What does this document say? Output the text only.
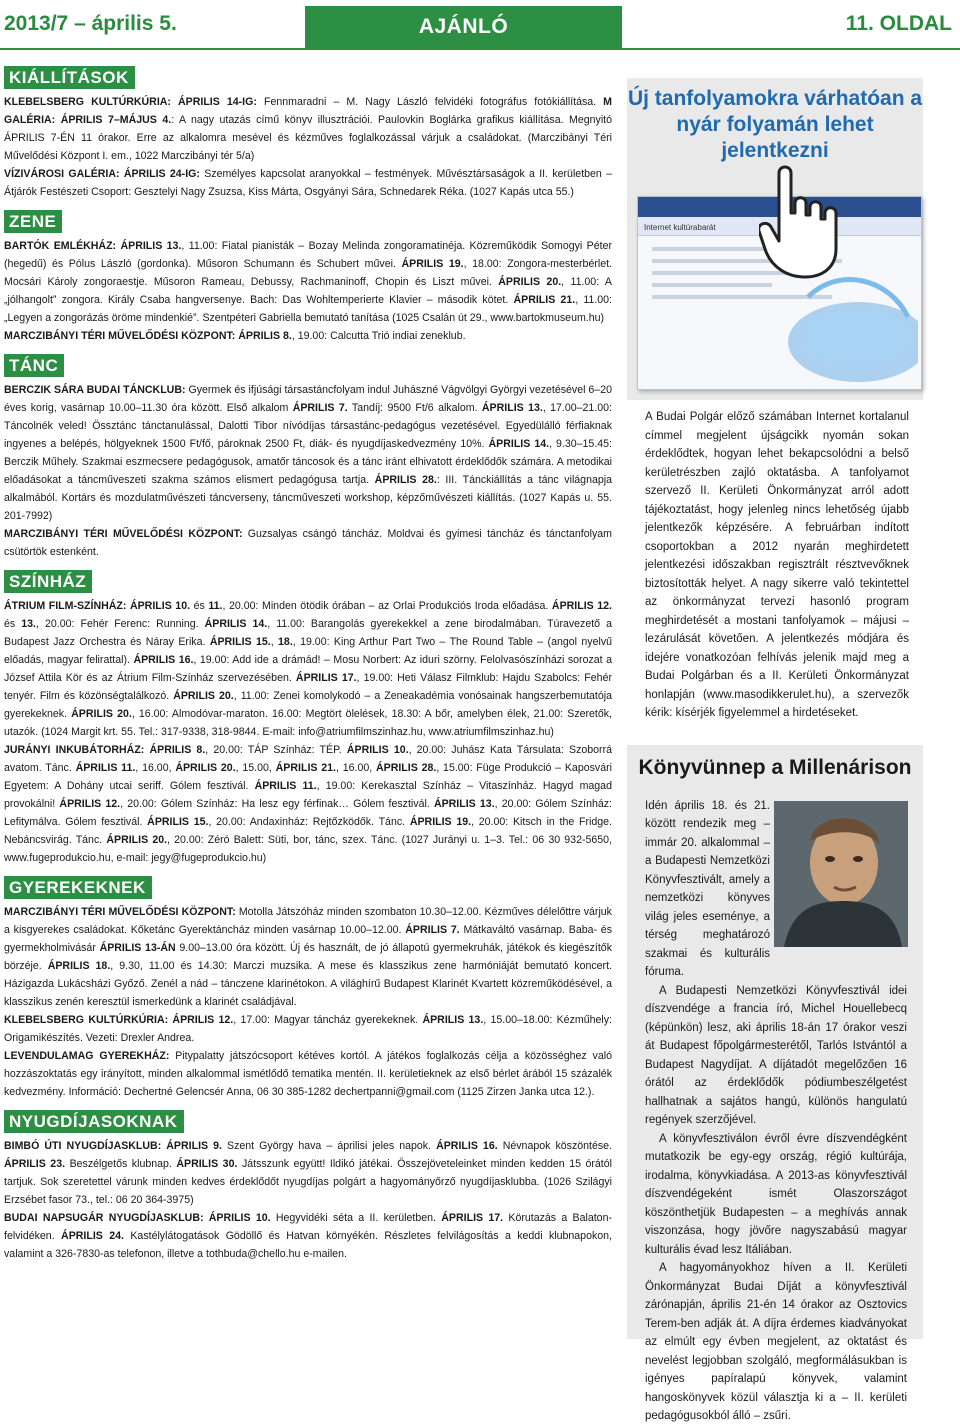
2013/7 – április 5.	AJÁNLÓ	11. OLDAL
KIÁLLÍTÁSOK

KLEBELSBERG KULTÚRKÚRIA: ÁPRILIS 14-IG: Fennmaradni – M. Nagy László felvidéki fotográfus fotókiállítása. M GALÉRIA: ÁPRILIS 7–MÁJUS 4.: A nagy utazás című könyv illusztrációi. Paulovkin Boglárka grafikus kiállítása. Megnyitó ÁPRILIS 7-ÉN 11 órakor. Erre az alkalomra mesével és kézműves foglalkozással várjuk a családokat. (Marczibányi Téri Művelődési Központ I. em., 1022 Marczibányi tér 5/a)
VÍZIVÁROSI GALÉRIA: ÁPRILIS 24-IG: Személyes kapcsolat aranyokkal – festmények. Művésztársaságok a II. kerületben – Átjárók Festészeti Csoport: Gesztelyi Nagy Zsuzsa, Kiss Márta, Osgyányi Sára, Schnedarek Réka. (1027 Kapás utca 55.)

ZENE

BARTÓK EMLÉKHÁZ: ÁPRILIS 13., 11.00: Fiatal pianisták – Bozay Melinda zongoramatinéja. Közreműködik Somogyi Péter (hegedű) és Pólus László (gordonka). Műsoron Schumann és Schubert művei. ÁPRILIS 19., 18.00: Zongora-mesterbérlet. Mocsári Károly zongoraestje. Műsoron Rameau, Debussy, Rachmaninoff, Chopin és Liszt művei. ÁPRILIS 20., 11.00: A „jólhangolt” zongora. Király Csaba hangversenye. Bach: Das Wohltemperierte Klavier – második kötet. ÁPRILIS 21., 11.00: „Legyen a zongorázás öröme mindenkié”. Szentpéteri Gabriella bemutató tanítása (1025 Csalán út 29., www.bartokmuseum.hu)
MARCZIBÁNYI TÉRI MŰVELŐDÉSI KÖZPONT: ÁPRILIS 8., 19.00: Calcutta Trió indiai zeneklub.

TÁNC

BERCZIK SÁRA BUDAI TÁNCKLUB: Gyermek és ifjúsági társastáncfolyam indul Juhászné Vágvölgyi Györgyi vezetésével 6–20 éves korig, vasárnap 10.00–11.30 óra között. Első alkalom ÁPRILIS 7. Tandíj: 9500 Ft/6 alkalom. ÁPRILIS 13., 17.00–21.00: Táncolnék veled! Össztánc tánctanulással, Dalotti Tibor nívódíjas társastánc-pedagógus vezetésével. Egyedülálló férfiaknak ingyenes a belépés, hölgyeknek 1500 Ft/fő, pároknak 2500 Ft, diák- és nyugdíjaskedvezmény 10%. ÁPRILIS 14., 9.30–15.45: Berczik Műhely. Szakmai eszmecsere pedagógusok, amatőr táncosok és a tánc iránt elhivatott érdeklődők számára. A metodikai előadásokat a táncműveszeti szakma számos elismert pedagógusa tartja. ÁPRILIS 28.: III. Tánckiállítás a tánc világnapja alkalmából. Kortárs és mozdulatművészeti táncverseny, táncműveszeti workshop, képzőművészeti kiállítás. (1027 Kapás u. 55. 201-7992)
MARCZIBÁNYI TÉRI MŰVELŐDÉSI KÖZPONT: Guzsalyas csángó táncház. Moldvai és gyimesi táncház és tánctanfolyam csütörtök estenként.

SZÍNHÁZ

ÁTRIUM FILM-SZÍNHÁZ: ÁPRILIS 10. és 11., 20.00: Minden ötödik órában – az Orlai Produkciós Iroda előadása. ÁPRILIS 12. és 13., 20.00: Fehér Ferenc: Running. ÁPRILIS 14., 11.00: Barangolás gyerekekkel a zene birodalmában. Túravezető a Budapest Jazz Orchestra és Náray Erika. ÁPRILIS 15., 18., 19.00: King Arthur Part Two – The Round Table – (angol nyelvű előadás, magyar felirattal). ÁPRILIS 16., 19.00: Add ide a drámád! – Mosu Norbert: Az iduri szörny. Felolvasószínházi sorozat a József Attila Kör és az Átrium Film-Színház szervezésében. ÁPRILIS 17., 19.00: Heti Válasz Filmklub: Hajdu Szabolcs: Fehér tenyér. Film és közönségtalálkozó. ÁPRILIS 20., 11.00: Zenei komolykodó – a Zeneakadémia vonósainak hangszerbemutatója gyerekeknek. ÁPRILIS 20., 16.00: Almodóvar-maraton. 16.00: Megtört ölelések, 18.30: A bőr, amelyben élek, 21.00: Szeretők, utazók. (1024 Margit krt. 55. Tel.: 317-9338, 318-9844. E-mail: info@atriumfilmszinhaz.hu, www.atriumfilmszinhaz.hu)
JURÁNYI INKUBÁTORHÁZ: ÁPRILIS 8., 20.00: TÁP Színház: TÉP. ÁPRILIS 10., 20.00: Juhász Kata Társulata: Szoborrá avatom. Tánc. ÁPRILIS 11., 16.00, ÁPRILIS 20., 15.00, ÁPRILIS 21., 16.00, ÁPRILIS 28., 15.00: Füge Produkció – Kaposvári Egyetem: A Dohány utcai seriff. Gólem fesztivál. ÁPRILIS 11., 19.00: Kerekasztal Színház – Vitaszínház. Hagyd magad provokálni! ÁPRILIS 12., 20.00: Gólem Színház: Ha lesz egy férfinak… Gólem fesztivál. ÁPRILIS 13., 20.00: Gólem Színház: Lefitymálva. Gólem fesztivál. ÁPRILIS 15., 20.00: Andaxinház: Rejtőzködők. Tánc. ÁPRILIS 19., 20.00: Kitsch in the Fridge. Nebáncsvirág. Tánc. ÁPRILIS 20., 20.00: Zéró Balett: Süti, bor, tánc, szex. Tánc. (1027 Jurányi u. 1–3. Tel.: 06 30 932-5650, www.fugeprodukcio.hu, e-mail: jegy@fugeprodukcio.hu)

GYEREKEKNEK

MARCZIBÁNYI TÉRI MŰVELŐDÉSI KÖZPONT: Motolla Játszóház minden szombaton 10.30–12.00. Kézműves délelőttre várjuk a kisgyerekes családokat. Kőketánc Gyerektáncház minden vasárnap 10.00–12.00. ÁPRILIS 7. Mátkaváltó vasárnap. Baba- és gyermekholmivásár ÁPRILIS 13-ÁN 9.00–13.00 óra között. Új és használt, de jó állapotú gyermekruhák, játékok és kiegészítők börzéje. ÁPRILIS 18., 9.30, 11.00 és 14.30: Marczi muzsika. A mese és klasszikus zene harmóniáját bemutató koncert. Házigazda Lukácsházi Győző. Zenél a nád – tánczene klarinétokon. A világhírű Budapest Klarinét Kvartett közreműködésével, a klasszikus zenén keresztül ismerkedünk a klarinét családjával.
KLEBELSBERG KULTÚRKÚRIA: ÁPRILIS 12., 17.00: Magyar táncház gyerekeknek. ÁPRILIS 13., 15.00–18.00: Kézműhely: Origamikészítés. Vezeti: Drexler Andrea.
LEVENDULAMAG GYEREKHÁZ: Pitypalatty játszócsoport kétéves kortól. A játékos foglalkozás célja a közösséghez való hozzászoktatás egy irányított, minden alkalommal ismétlődő tematika mentén. II. kerületieknek az első bérlet árából 15 százalék kedvezmény. Információ: Dechertné Gelencsér Anna, 06 30 385-1282 dechertpanni@gmail.com (1125 Zirzen Janka utca 12.).

NYUGDÍJASOKNAK

BIMBÓ ÚTI NYUGDÍJASKLUB: ÁPRILIS 9. Szent György hava – áprilisi jeles napok. ÁPRILIS 16. Névnapok köszöntése. ÁPRILIS 23. Beszélgetős klubnap. ÁPRILIS 30. Játsszunk együtt! Ildikó játékai. Összejöveteleinket minden kedden 15 órától tartjuk. Sok szeretettel várunk minden kedves érdeklődőt nyugdíjas polgárt a hagyományőrző nyugdíjasklubba. (1026 Szilágyi Erzsébet fasor 73., tel.: 06 20 364-3975)
BUDAI NAPSUGÁR NYUGDÍJASKLUB: ÁPRILIS 10. Hegyvidéki séta a II. kerületben. ÁPRILIS 17. Körutazás a Balaton-felvidéken. ÁPRILIS 24. Kastélylátogatások Gödöllő és Hatvan környékén. Részletes felvilágosítás a keddi klubnapokon, valamint a 326-7830-as telefonon, illetve a tothbuda@chello.hu e-mailen.

Új tanfolyamokra várhatóan a nyár folyamán lehet jelentkezni
Internet kultúrabarát

A Budai Polgár előző számában Internet kortalanul címmel megjelent újságcikk nyomán sokan érdeklődtek, hogyan lehet bekapcsolódni a belső kerületrészben zajló oktatásba. A tanfolyamot szervező II. Kerületi Önkormányzat arról adott tájékoztatást, hogy jelenleg nincs lehetőség újabb jelentkezők képzésére. A februárban indított csoportokban a 2012 nyarán meghirdetett jelentkezési időszakban regisztrált résztvevőknek biztosították helyet. A nagy sikerre való tekintettel az önkormányzat tervezi hasonló program meghirdetését a mostani tanfolyamok – májusi – lezárulását követően. A jelentkezés módjára és idejére vonatkozóan felhívás jelenik majd meg a Budai Polgárban és a II. Kerületi Önkormányzat honlapján (www.masodikkerulet.hu), a szervezők kérik: kísérjék figyelemmel a hirdetéseket.

Könyvünnep a Millenárison

Idén április 18. és 21. között rendezik meg – immár 20. alkalommal – a Budapesti Nemzetközi Könyvfesztivált, amely a nemzetközi könyves világ jeles eseménye, a térség meghatározó szakmai és kulturális fóruma.

A Budapesti Nemzetközi Könyvfesztivál idei díszvendége a francia író, Michel Houellebecq (képünkön) lesz, aki április 18-án 17 órakor veszi át Budapest főpolgármesterétől, Tarlós Istvántól a Budapest Nagydíjat. A díjátadót megelőzően 16 órától az érdeklődők pódiumbeszélgetést hallhatnak a sajátos hangú, különös hangulatú regények szerzőjével.

A könyvfesztiválon évről évre díszvendégként mutatkozik be egy-egy ország, régió kultúrája, irodalma, könyvkiadása. A 2013-as könyvfesztivál díszvendégeként ismét Olaszországot köszönthetjük Budapesten – a meghívás annak viszonzása, hogy jövőre nagyszabású magyar kulturális évad lesz Itáliában.

A hagyományokhoz híven a II. Kerületi Önkormányzat Budai Díját a könyvfesztivál zárónapján, április 21-én 14 órakor az Osztovics Terem-ben adják át. A díjra érdemes kiadványokat az elmúlt egy évben megjelent, az oktatást és nevelést legjobban szolgáló, megformálásukban is igényes papíralapú könyvek, valamint hangoskönyvek közül választja ki a – II. kerületi pedagógusokból álló – zsűri.
